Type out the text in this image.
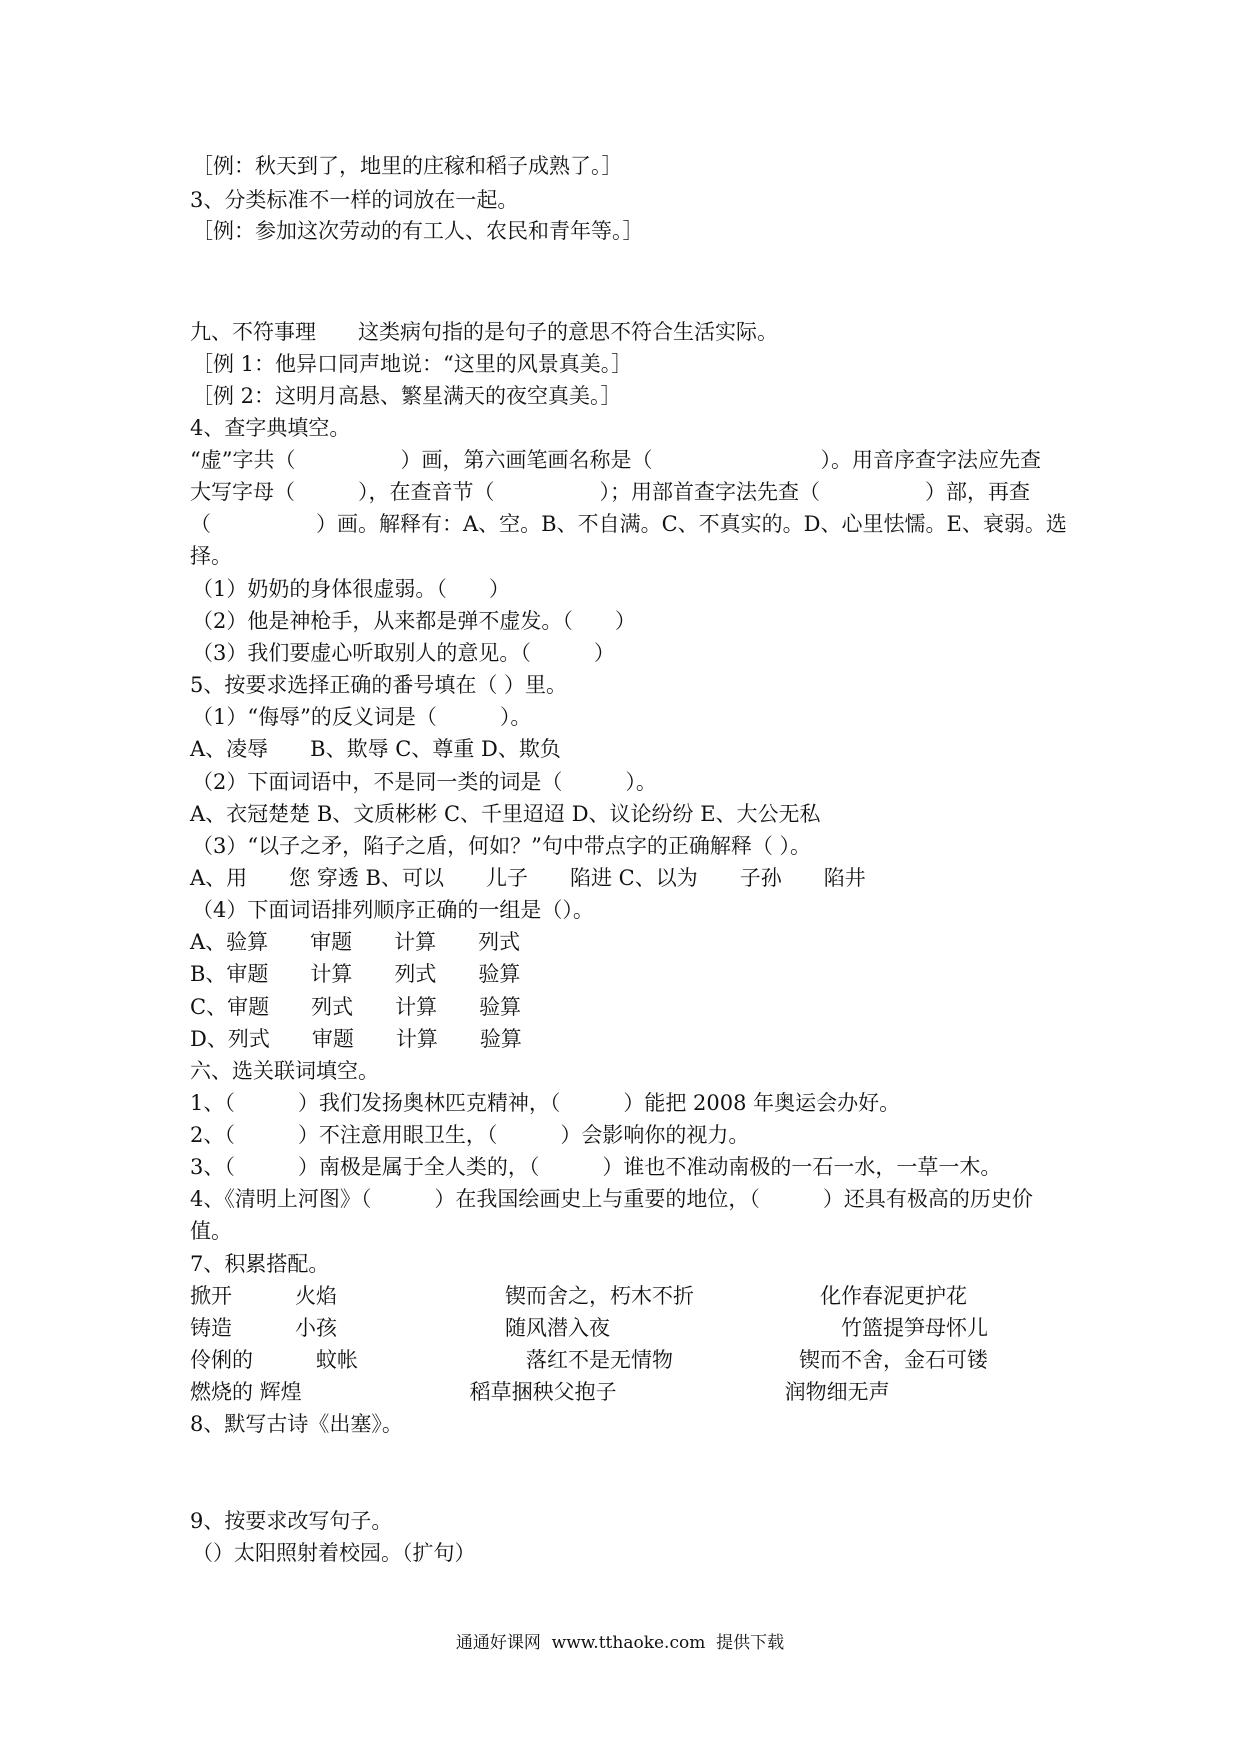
［例：秋天到了，地里的庄稼和稻子成熟了。］
3、分类标准不一样的词放在一起。
［例：参加这次劳动的有工人、农民和青年等。］
九、不符事理　　这类病句指的是句子的意思不符合生活实际。
［例 1：他异口同声地说：“这里的风景真美。］
［例 2：这明月高悬、繁星满天的夜空真美。］
4、查字典填空。
“虚”字共（　　　　　）画，第六画笔画名称是（　　　　　　　　）。用音序查字法应先查
大写字母（　　　），在查音节（　　　　　）；用部首查字法先查（　　　　　）部，再查
（　　　　　）画。解释有：A、空。B、不自满。C、不真实的。D、心里怯懦。E、衰弱。选
择。
（1）奶奶的身体很虚弱。（　　）
（2）他是神枪手，从来都是弹不虚发。（　　）
（3）我们要虚心听取别人的意见。（　　　）
5、按要求选择正确的番号填在（ ）里。
（1）“侮辱”的反义词是（　　　）。
A、凌辱　　B、欺辱 C、尊重 D、欺负
（2）下面词语中，不是同一类的词是（　　　）。
A、衣冠楚楚 B、文质彬彬 C、千里迢迢 D、议论纷纷 E、大公无私
（3）“以子之矛，陷子之盾，何如？”句中带点字的正确解释（ ）。
A、用　　您 穿透 B、可以　　儿子　　陷进 C、以为　　子孙　　陷井
（4）下面词语排列顺序正确的一组是（）。
A、验算　　审题　　计算　　列式
B、审题　　计算　　列式　　验算
C、审题　　列式　　计算　　验算
D、列式　　审题　　计算　　验算
六、选关联词填空。
1、（　　　）我们发扬奥林匹克精神，（　　　）能把 2008 年奥运会办好。
2、（　　　）不注意用眼卫生，（　　　）会影响你的视力。
3、（　　　）南极是属于全人类的，（　　　）谁也不准动南极的一石一水，一草一木。
4、《清明上河图》（　　　）在我国绘画史上与重要的地位，（　　　）还具有极高的历史价
值。
7、积累搭配。
掀开　　　火焰　　　　　　　　锲而舍之，朽木不折　　　　　　化作春泥更护花
铸造　　　小孩　　　　　　　　随风潜入夜　　　　　　　　　　　竹篮提笋母怀儿
伶俐的　　　蚊帐　　　　　　　　落红不是无情物　　　　　　锲而不舍，金石可镂
燃烧的 辉煌　　　　　　　　稻草捆秧父抱子　　　　　　　　润物细无声
8、默写古诗《出塞》。
9、按要求改写句子。
（）太阳照射着校园。（扩句）
通通好课网  www.tthaoke.com  提供下载
